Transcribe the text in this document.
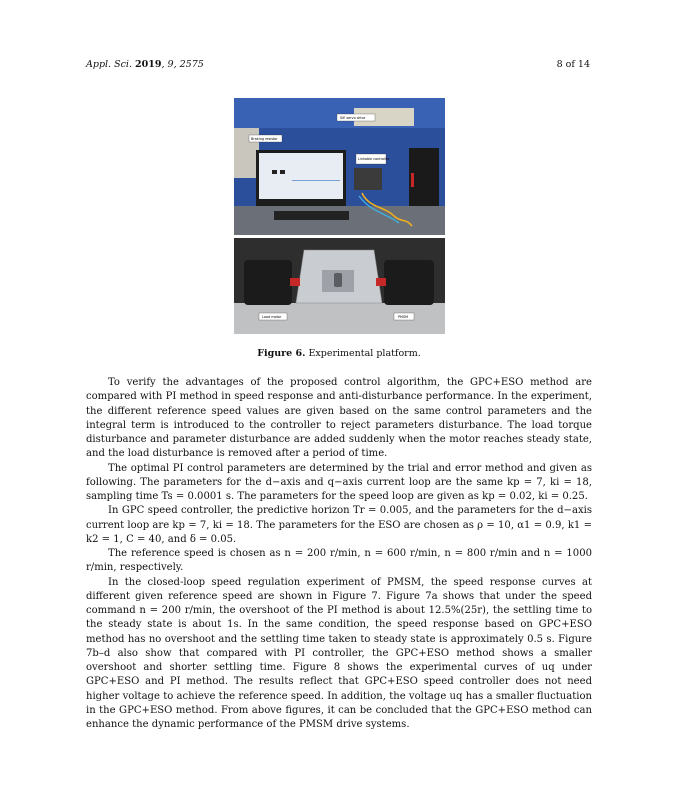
Appl. Sci. 2019, 9, 2575	8 of 14
SiE servo drive
Braking resistor
Linkable controller
Load motor	PMSM
Figure 6. Experimental platform.

To verify the advantages of the proposed control algorithm, the GPC+ESO method are compared with PI method in speed response and anti-disturbance performance. In the experiment, the different reference speed values are given based on the same control parameters and the integral term is introduced to the controller to reject parameters disturbance. The load torque disturbance and parameter disturbance are added suddenly when the motor reaches steady state, and the load disturbance is removed after a period of time.

The optimal PI control parameters are determined by the trial and error method and given as following. The parameters for the d−axis and q−axis current loop are the same kp = 7, ki = 18, sampling time Ts = 0.0001 s. The parameters for the speed loop are given as kp = 0.02, ki = 0.25.

In GPC speed controller, the predictive horizon Tr = 0.005, and the parameters for the d−axis current loop are kp = 7, ki = 18. The parameters for the ESO are chosen as ρ = 10, α1 = 0.9, k1 = k2 = 1, C = 40, and δ = 0.05.

The reference speed is chosen as n = 200 r/min, n = 600 r/min, n = 800 r/min and n = 1000 r/min, respectively.

In the closed-loop speed regulation experiment of PMSM, the speed response curves at different given reference speed are shown in Figure 7. Figure 7a shows that under the speed command n = 200 r/min, the overshoot of the PI method is about 12.5%(25r), the settling time to the steady state is about 1s. In the same condition, the speed response based on GPC+ESO method has no overshoot and the settling time taken to steady state is approximately 0.5 s. Figure 7b–d also show that compared with PI controller, the GPC+ESO method shows a smaller overshoot and shorter settling time. Figure 8 shows the experimental curves of uq under GPC+ESO and PI method. The results reflect that GPC+ESO speed controller does not need higher voltage to achieve the reference speed. In addition, the voltage uq has a smaller fluctuation in the GPC+ESO method. From above figures, it can be concluded that the GPC+ESO method can enhance the dynamic performance of the PMSM drive systems.
